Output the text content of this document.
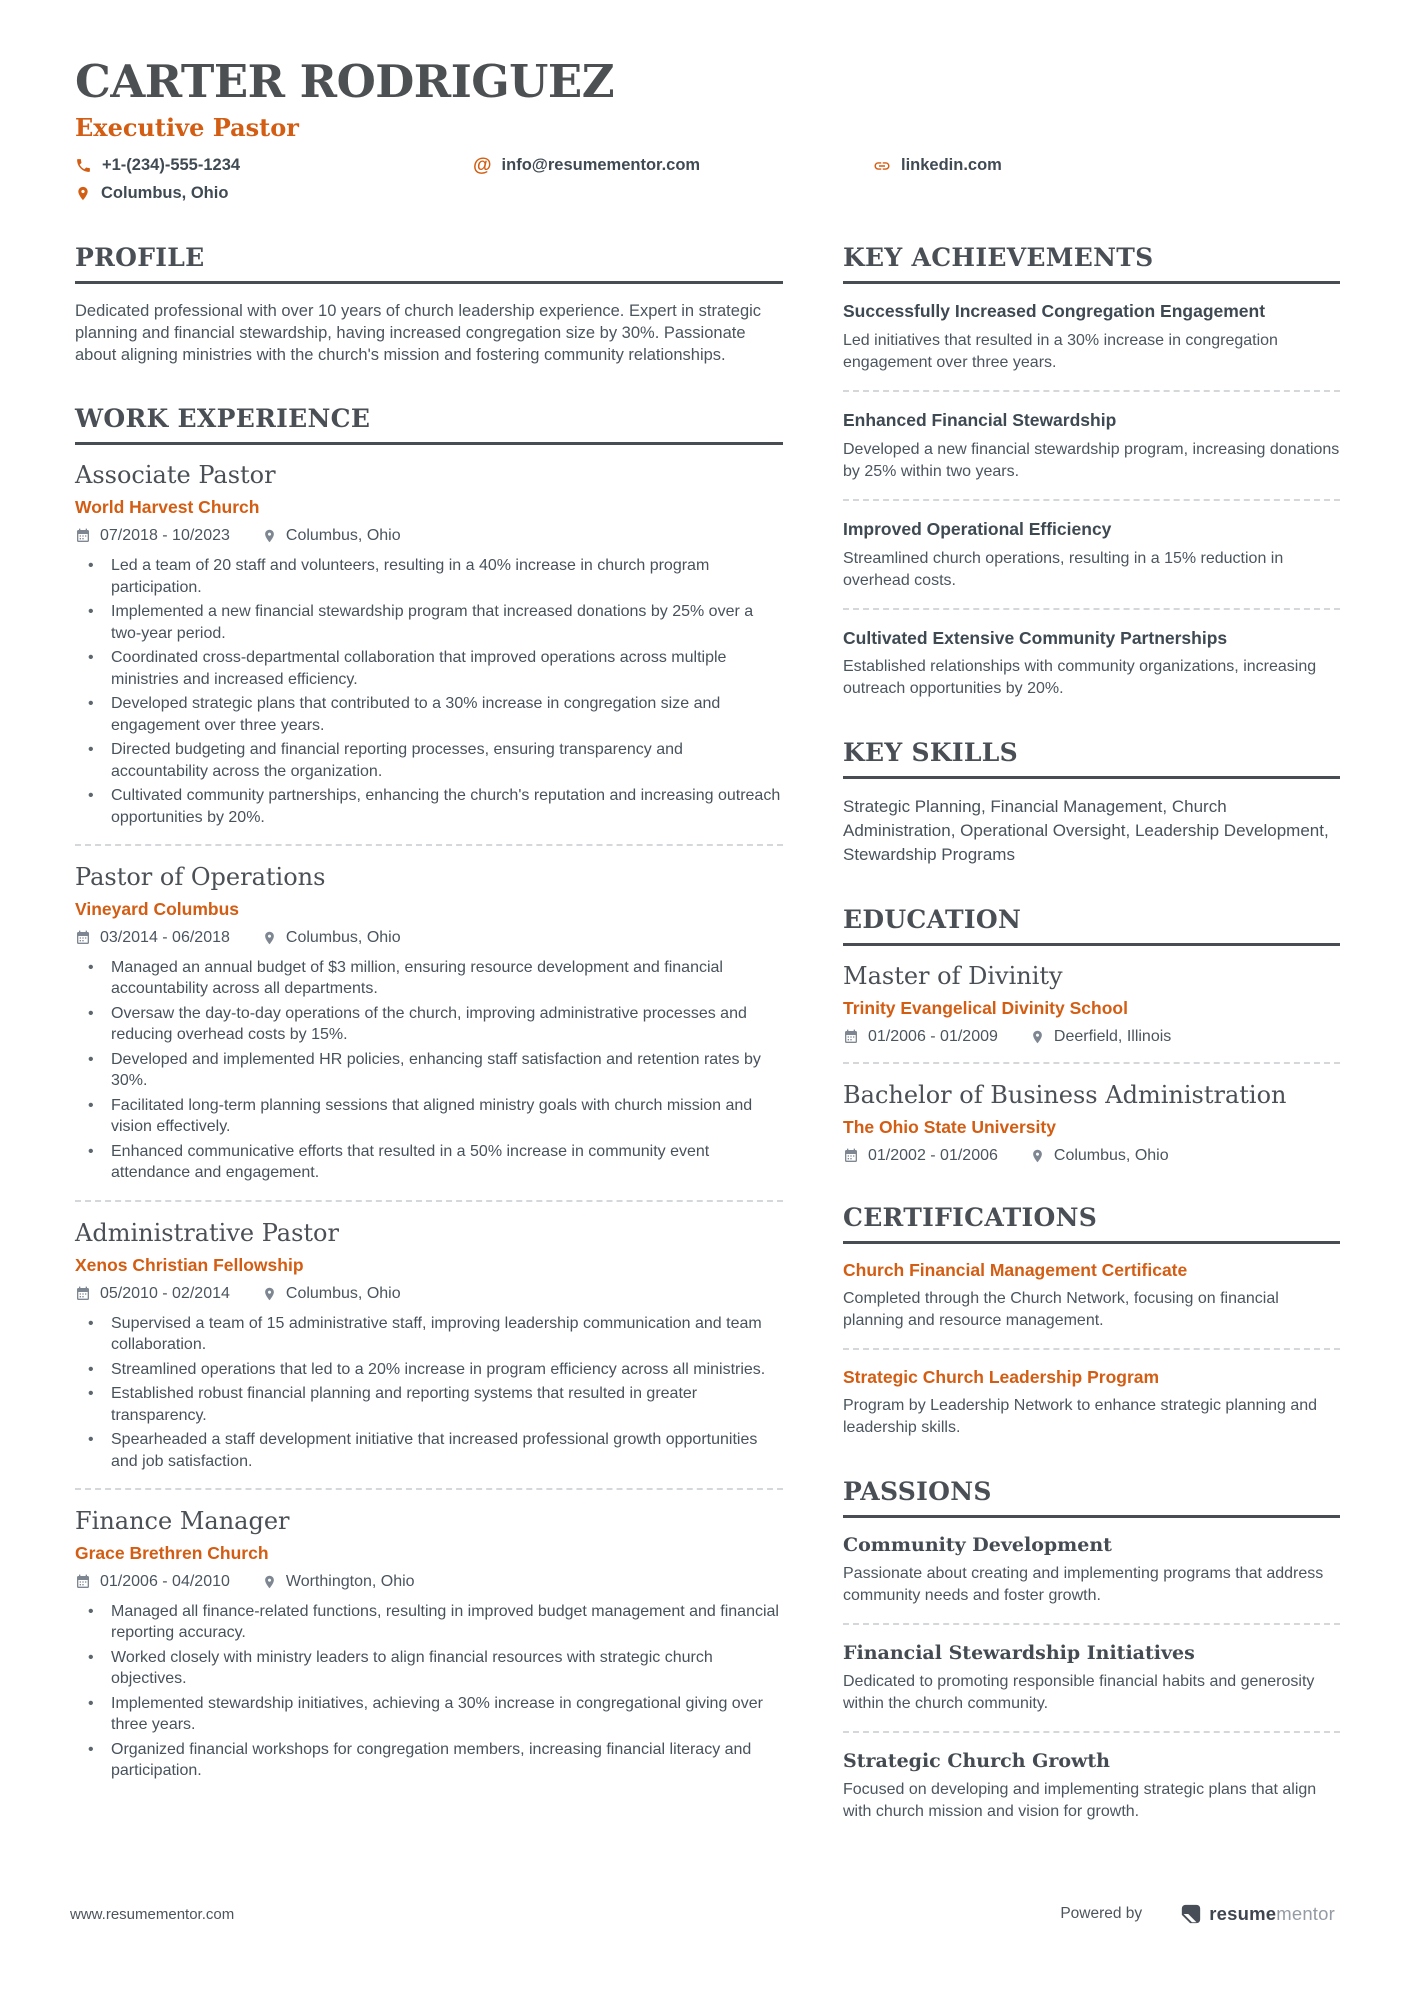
CARTER RODRIGUEZ
Executive Pastor
+1-(234)-555-1234	@ info@resumementor.com	linkedin.com
Columbus, Ohio
PROFILE

Dedicated professional with over 10 years of church leadership experience. Expert in strategic planning and financial stewardship, having increased congregation size by 30%. Passionate about aligning ministries with the church's mission and fostering community relationships.

WORK EXPERIENCE
Associate Pastor
World Harvest Church
07/2018 - 10/2023	Columbus, Ohio
• Led a team of 20 staff and volunteers, resulting in a 40% increase in church program participation.
• Implemented a new financial stewardship program that increased donations by 25% over a two-year period.
• Coordinated cross-departmental collaboration that improved operations across multiple ministries and increased efficiency.
• Developed strategic plans that contributed to a 30% increase in congregation size and engagement over three years.
• Directed budgeting and financial reporting processes, ensuring transparency and accountability across the organization.
• Cultivated community partnerships, enhancing the church's reputation and increasing outreach opportunities by 20%.
Pastor of Operations
Vineyard Columbus
03/2014 - 06/2018	Columbus, Ohio
• Managed an annual budget of $3 million, ensuring resource development and financial accountability across all departments.
• Oversaw the day-to-day operations of the church, improving administrative processes and reducing overhead costs by 15%.
• Developed and implemented HR policies, enhancing staff satisfaction and retention rates by 30%.
• Facilitated long-term planning sessions that aligned ministry goals with church mission and vision effectively.
• Enhanced communicative efforts that resulted in a 50% increase in community event attendance and engagement.
Administrative Pastor
Xenos Christian Fellowship
05/2010 - 02/2014	Columbus, Ohio
• Supervised a team of 15 administrative staff, improving leadership communication and team collaboration.
• Streamlined operations that led to a 20% increase in program efficiency across all ministries.
• Established robust financial planning and reporting systems that resulted in greater transparency.
• Spearheaded a staff development initiative that increased professional growth opportunities and job satisfaction.
Finance Manager
Grace Brethren Church
01/2006 - 04/2010	Worthington, Ohio
• Managed all finance-related functions, resulting in improved budget management and financial reporting accuracy.
• Worked closely with ministry leaders to align financial resources with strategic church objectives.
• Implemented stewardship initiatives, achieving a 30% increase in congregational giving over three years.
• Organized financial workshops for congregation members, increasing financial literacy and participation.
KEY ACHIEVEMENTS
Successfully Increased Congregation Engagement

Led initiatives that resulted in a 30% increase in congregation engagement over three years.

Enhanced Financial Stewardship

Developed a new financial stewardship program, increasing donations by 25% within two years.

Improved Operational Efficiency

Streamlined church operations, resulting in a 15% reduction in overhead costs.

Cultivated Extensive Community Partnerships

Established relationships with community organizations, increasing outreach opportunities by 20%.

KEY SKILLS

Strategic Planning, Financial Management, Church Administration, Operational Oversight, Leadership Development, Stewardship Programs

EDUCATION
Master of Divinity
Trinity Evangelical Divinity School
01/2006 - 01/2009	Deerfield, Illinois
Bachelor of Business Administration
The Ohio State University
01/2002 - 01/2006	Columbus, Ohio
CERTIFICATIONS
Church Financial Management Certificate

Completed through the Church Network, focusing on financial planning and resource management.

Strategic Church Leadership Program

Program by Leadership Network to enhance strategic planning and leadership skills.

PASSIONS
Community Development

Passionate about creating and implementing programs that address community needs and foster growth.

Financial Stewardship Initiatives

Dedicated to promoting responsible financial habits and generosity within the church community.

Strategic Church Growth

Focused on developing and implementing strategic plans that align with church mission and vision for growth.

www.resumementor.com	Powered by	resumementor
